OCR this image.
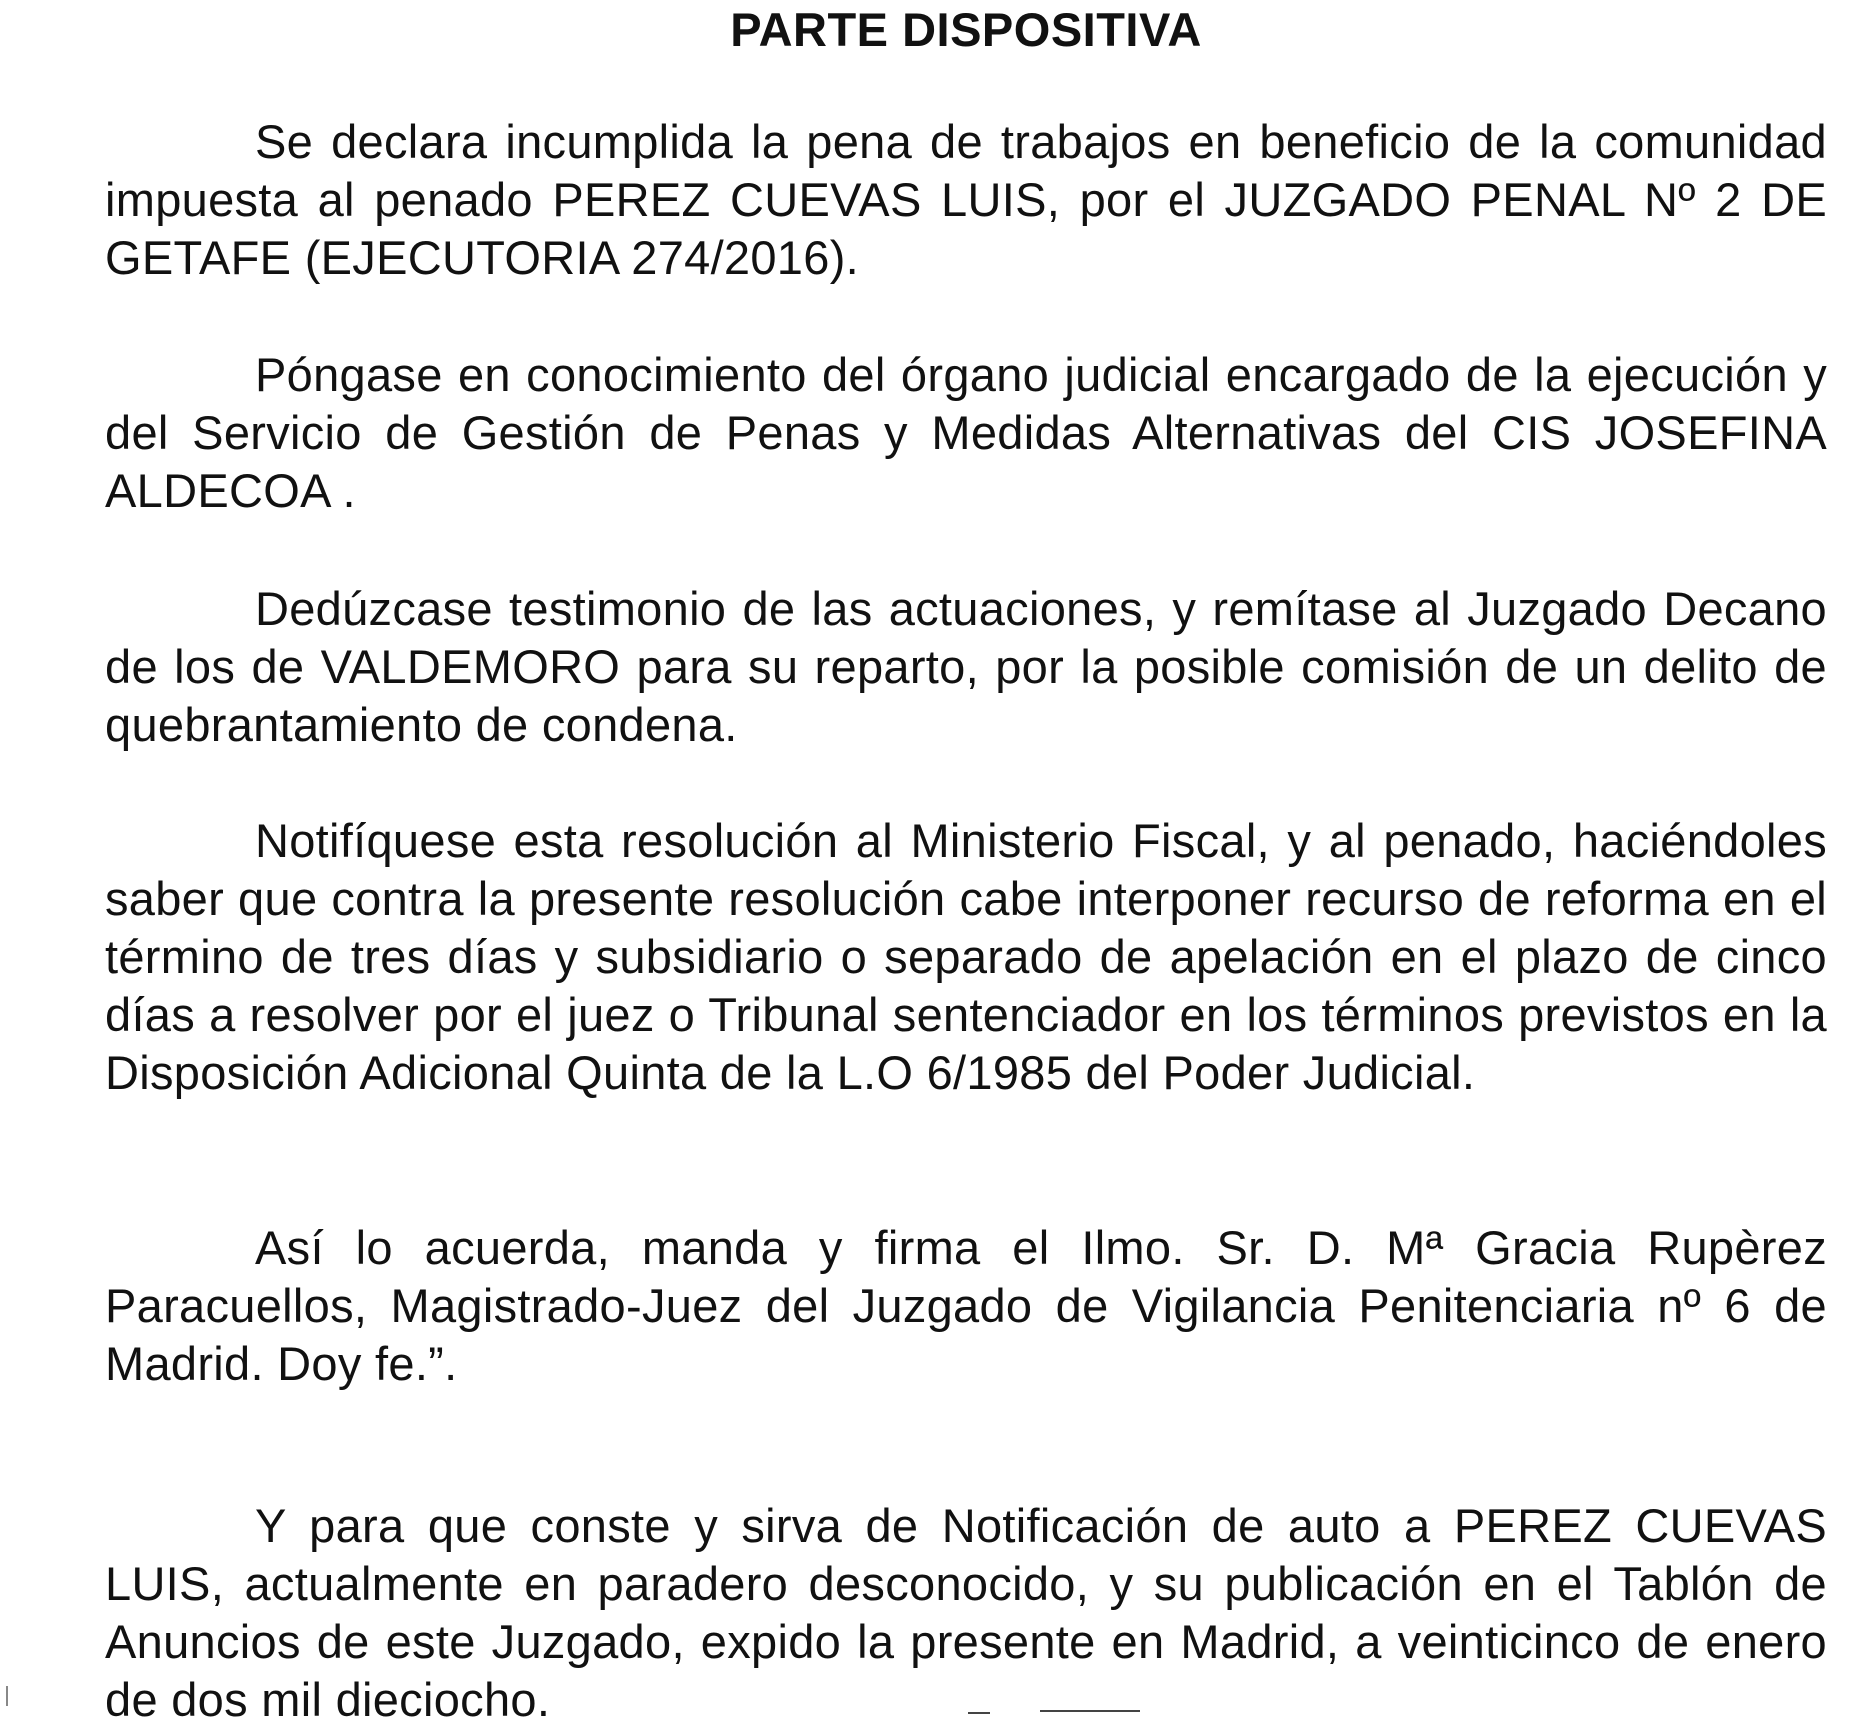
PARTE DISPOSITIVA

Se declara incumplida la pena de trabajos en beneficio de la comunidad impuesta al penado PEREZ CUEVAS LUIS, por el JUZGADO PENAL Nº 2 DE GETAFE (EJECUTORIA 274/2016).

Póngase en conocimiento del órgano judicial encargado de la ejecución y del Servicio de Gestión de Penas y Medidas Alternativas del CIS JOSEFINA ALDECOA .

Dedúzcase testimonio de las actuaciones, y remítase al Juzgado Decano de los de VALDEMORO para su reparto, por la posible comisión de un delito de quebrantamiento de condena.

Notifíquese esta resolución al Ministerio Fiscal, y al penado, haciéndoles saber que contra la presente resolución cabe interponer recurso de reforma en el término de tres días y subsidiario o separado de apelación en el plazo de cinco días a resolver por el juez o Tribunal sentenciador en los términos previstos en la Disposición Adicional Quinta de la L.O 6/1985 del Poder Judicial.

Así lo acuerda, manda y firma el Ilmo. Sr. D. Mª Gracia Rupèrez Paracuellos, Magistrado-Juez del Juzgado de Vigilancia Penitenciaria nº 6 de Madrid. Doy fe.”.

Y para que conste y sirva de Notificación de auto a PEREZ CUEVAS LUIS, actualmente en paradero desconocido, y su publicación en el Tablón de Anuncios de este Juzgado, expido la presente en Madrid, a veinticinco de enero de dos mil dieciocho.
